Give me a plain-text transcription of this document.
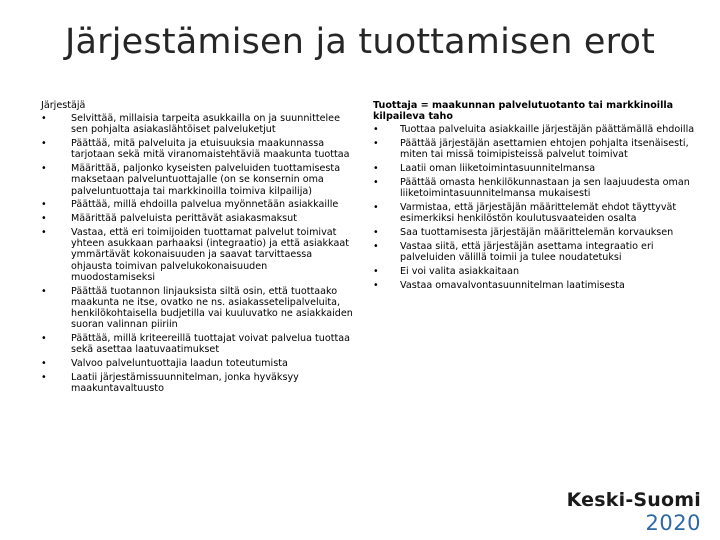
Järjestämisen ja tuottamisen erot

Järjestäjä

•	Selvittää, millaisia tarpeita asukkailla on ja suunnittelee sen pohjalta asiakaslähtöiset palveluketjut
•	Päättää, mitä palveluita ja etuisuuksia maakunnassa tarjotaan sekä mitä viranomaistehtäviä maakunta tuottaa
•	Määrittää, paljonko kyseisten palveluiden tuottamisesta maksetaan palveluntuottajalle (on se konsernin oma palveluntuottaja tai markkinoilla toimiva kilpailija)
•	Päättää, millä ehdoilla palvelua myönnetään asiakkaille
•	Määrittää palveluista perittävät asiakasmaksut
•	Vastaa, että eri toimijoiden tuottamat palvelut toimivat yhteen asukkaan parhaaksi (integraatio) ja että asiakkaat ymmärtävät kokonaisuuden ja saavat tarvittaessa ohjausta toimivan palvelukokonaisuuden muodostamiseksi
•	Päättää tuotannon linjauksista siltä osin, että tuottaako maakunta ne itse, ovatko ne ns. asiakassetelipalveluita, henkilökohtaisella budjetilla vai kuuluvatko ne asiakkaiden suoran valinnan piiriin
•	Päättää, millä kriteereillä tuottajat voivat palvelua tuottaa sekä asettaa laatuvaatimukset
•	Valvoo palveluntuottajia laadun toteutumista
•	Laatii järjestämissuunnitelman, jonka hyväksyy maakuntavaltuusto

Tuottaja = maakunnan palvelutuotanto tai markkinoilla kilpaileva taho

• Tuottaa palveluita asiakkaille järjestäjän päättämällä ehdoilla
• Päättää järjestäjän asettamien ehtojen pohjalta itsenäisesti, miten tai missä toimipisteissä palvelut toimivat
• Laatii oman liiketoimintasuunnitelmansa
• Päättää omasta henkilökunnastaan ja sen laajuudesta oman liiketoimintasuunnitelmansa mukaisesti
• Varmistaa, että järjestäjän määrittelemät ehdot täyttyvät esimerkiksi henkilöstön koulutusvaateiden osalta
• Saa tuottamisesta järjestäjän määrittelemän korvauksen
• Vastaa siitä, että järjestäjän asettama integraatio eri palveluiden välillä toimii ja tulee noudatetuksi
• Ei voi valita asiakkaitaan
• Vastaa omavalvontasuunnitelman laatimisesta
Keski-Suomi
2020
